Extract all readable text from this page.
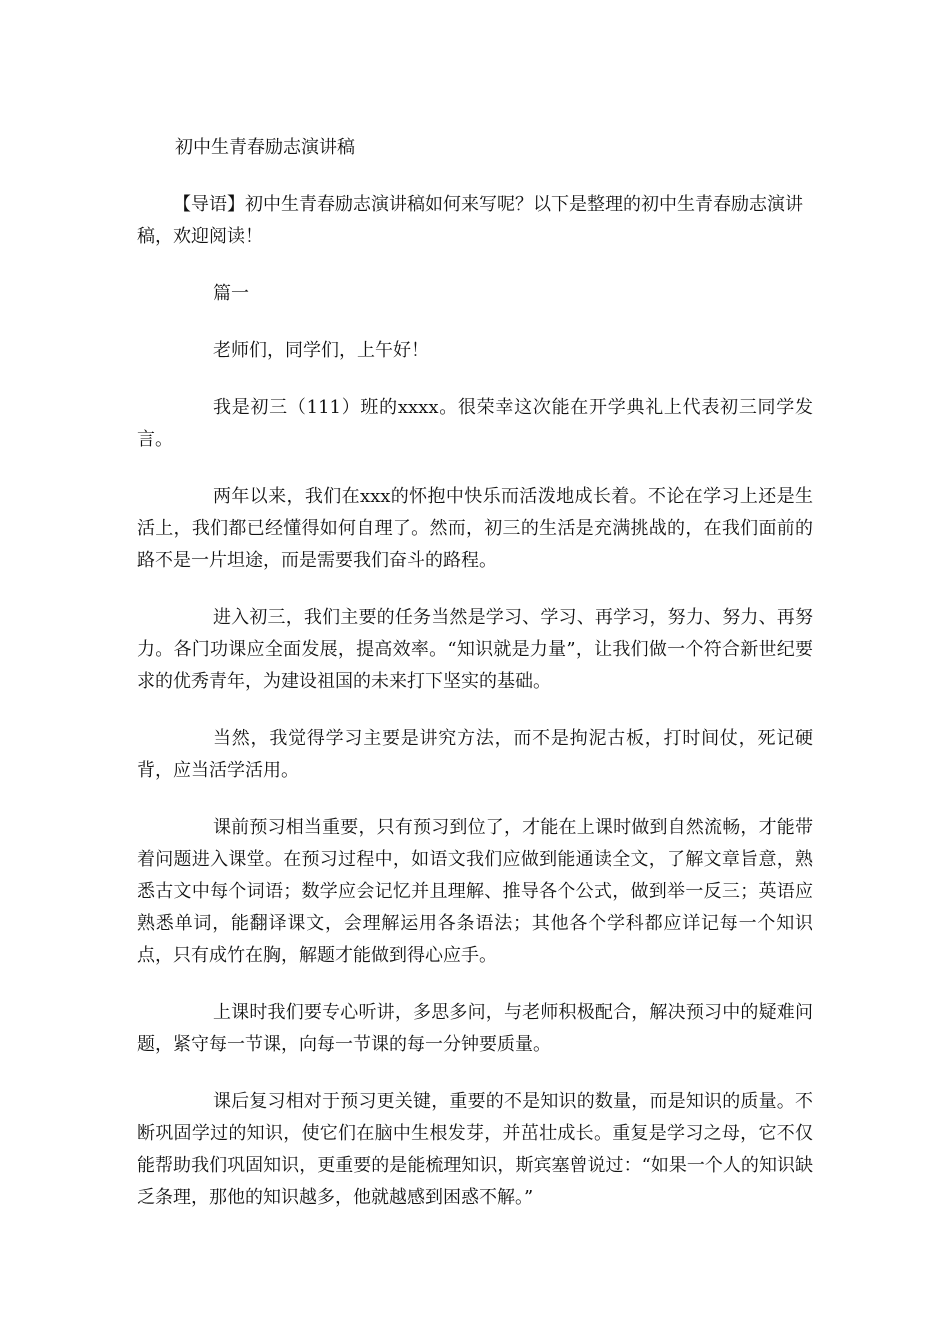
初中生青春励志演讲稿

【导语】初中生青春励志演讲稿如何来写呢？以下是整理的初中生青春励志演讲稿，欢迎阅读！

篇一

老师们，同学们，上午好！

我是初三（111）班的xxxx。很荣幸这次能在开学典礼上代表初三同学发言。

两年以来，我们在xxx的怀抱中快乐而活泼地成长着。不论在学习上还是生活上，我们都已经懂得如何自理了。然而，初三的生活是充满挑战的，在我们面前的路不是一片坦途，而是需要我们奋斗的路程。

进入初三，我们主要的任务当然是学习、学习、再学习，努力、努力、再努力。各门功课应全面发展，提高效率。“知识就是力量”，让我们做一个符合新世纪要求的优秀青年，为建设祖国的未来打下坚实的基础。

当然，我觉得学习主要是讲究方法，而不是拘泥古板，打时间仗，死记硬背，应当活学活用。

课前预习相当重要，只有预习到位了，才能在上课时做到自然流畅，才能带着问题进入课堂。在预习过程中，如语文我们应做到能通读全文，了解文章旨意，熟悉古文中每个词语；数学应会记忆并且理解、推导各个公式，做到举一反三；英语应熟悉单词，能翻译课文，会理解运用各条语法；其他各个学科都应详记每一个知识点，只有成竹在胸，解题才能做到得心应手。

上课时我们要专心听讲，多思多问，与老师积极配合，解决预习中的疑难问题，紧守每一节课，向每一节课的每一分钟要质量。

课后复习相对于预习更关键，重要的不是知识的数量，而是知识的质量。不断巩固学过的知识，使它们在脑中生根发芽，并茁壮成长。重复是学习之母，它不仅能帮助我们巩固知识，更重要的是能梳理知识，斯宾塞曾说过：“如果一个人的知识缺乏条理，那他的知识越多，他就越感到困惑不解。”
